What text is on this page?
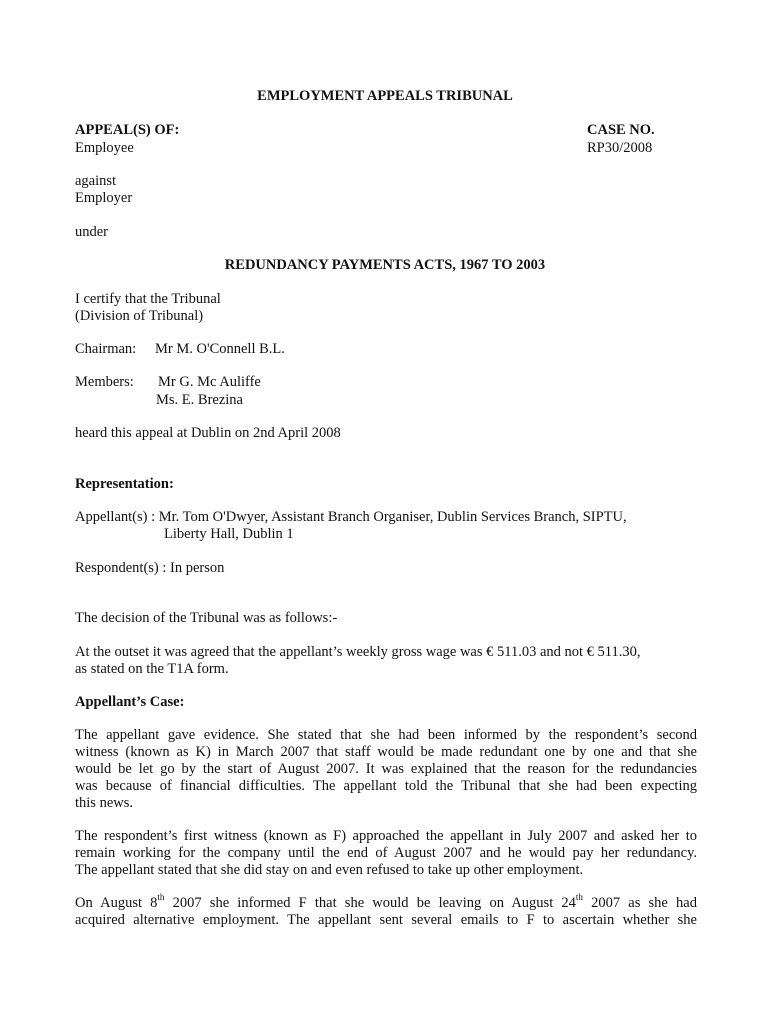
EMPLOYMENT APPEALS TRIBUNAL
APPEAL(S) OF:	CASE NO.
Employee	RP30/2008
against
Employer
under
REDUNDANCY PAYMENTS ACTS, 1967 TO 2003
I certify that the Tribunal
(Division of Tribunal)
Chairman: Mr M. O'Connell B.L.
Members: Mr G. Mc Auliffe
Ms. E. Brezina
heard this appeal at Dublin on 2nd April 2008
Representation:
Appellant(s) : Mr. Tom O'Dwyer, Assistant Branch Organiser, Dublin Services Branch, SIPTU,
Liberty Hall, Dublin 1
Respondent(s) : In person
The decision of the Tribunal was as follows:-
At the outset it was agreed that the appellant’s weekly gross wage was € 511.03 and not € 511.30,
as stated on the T1A form.
Appellant’s Case:
The appellant gave evidence. She stated that she had been informed by the respondent’s second
witness (known as K) in March 2007 that staff would be made redundant one by one and that she
would be let go by the start of August 2007. It was explained that the reason for the redundancies
was because of financial difficulties. The appellant told the Tribunal that she had been expecting
this news.
The respondent’s first witness (known as F) approached the appellant in July 2007 and asked her to
remain working for the company until the end of August 2007 and he would pay her redundancy.
The appellant stated that she did stay on and even refused to take up other employment.
On August 8th 2007 she informed F that she would be leaving on August 24th 2007 as she had
acquired alternative employment. The appellant sent several emails to F to ascertain whether she
